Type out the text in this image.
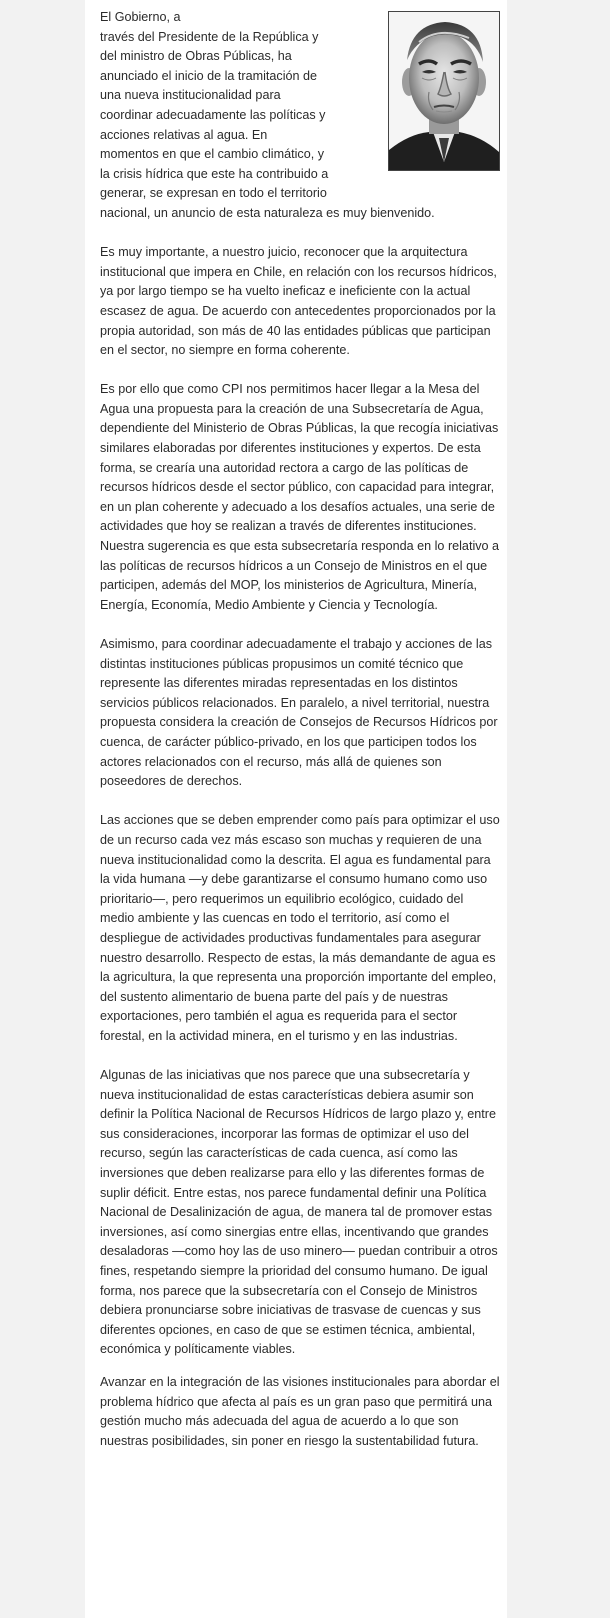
El Gobierno, a
través del Presidente de la República y
del ministro de Obras Públicas, ha
anunciado el inicio de la tramitación de
una nueva institucionalidad para
coordinar adecuadamente las políticas y
acciones relativas al agua. En
momentos en que el cambio climático, y
la crisis hídrica que este ha contribuido a
generar, se expresan en todo el territorio
nacional, un anuncio de esta naturaleza es muy bienvenido.

Es muy importante, a nuestro juicio, reconocer que la arquitectura institucional que impera en Chile, en relación con los recursos hídricos, ya por largo tiempo se ha vuelto ineficaz e ineficiente con la actual escasez de agua. De acuerdo con antecedentes proporcionados por la propia autoridad, son más de 40 las entidades públicas que participan en el sector, no siempre en forma coherente.

Es por ello que como CPI nos permitimos hacer llegar a la Mesa del Agua una propuesta para la creación de una Subsecretaría de Agua, dependiente del Ministerio de Obras Públicas, la que recogía iniciativas similares elaboradas por diferentes instituciones y expertos. De esta forma, se crearía una autoridad rectora a cargo de las políticas de recursos hídricos desde el sector público, con capacidad para integrar, en un plan coherente y adecuado a los desafíos actuales, una serie de actividades que hoy se realizan a través de diferentes instituciones. Nuestra sugerencia es que esta subsecretaría responda en lo relativo a las políticas de recursos hídricos a un Consejo de Ministros en el que participen, además del MOP, los ministerios de Agricultura, Minería, Energía, Economía, Medio Ambiente y Ciencia y Tecnología.

Asimismo, para coordinar adecuadamente el trabajo y acciones de las distintas instituciones públicas propusimos un comité técnico que represente las diferentes miradas representadas en los distintos servicios públicos relacionados. En paralelo, a nivel territorial, nuestra propuesta considera la creación de Consejos de Recursos Hídricos por cuenca, de carácter público-privado, en los que participen todos los actores relacionados con el recurso, más allá de quienes son poseedores de derechos.

Las acciones que se deben emprender como país para optimizar el uso de un recurso cada vez más escaso son muchas y requieren de una nueva institucionalidad como la descrita. El agua es fundamental para la vida humana —y debe garantizarse el consumo humano como uso prioritario—, pero requerimos un equilibrio ecológico, cuidado del medio ambiente y las cuencas en todo el territorio, así como el despliegue de actividades productivas fundamentales para asegurar nuestro desarrollo. Respecto de estas, la más demandante de agua es la agricultura, la que representa una proporción importante del empleo, del sustento alimentario de buena parte del país y de nuestras exportaciones, pero también el agua es requerida para el sector forestal, en la actividad minera, en el turismo y en las industrias.

Algunas de las iniciativas que nos parece que una subsecretaría y nueva institucionalidad de estas características debiera asumir son definir la Política Nacional de Recursos Hídricos de largo plazo y, entre sus consideraciones, incorporar las formas de optimizar el uso del recurso, según las características de cada cuenca, así como las inversiones que deben realizarse para ello y las diferentes formas de suplir déficit. Entre estas, nos parece fundamental definir una Política Nacional de Desalinización de agua, de manera tal de promover estas inversiones, así como sinergias entre ellas, incentivando que grandes desaladoras —como hoy las de uso minero— puedan contribuir a otros fines, respetando siempre la prioridad del consumo humano. De igual forma, nos parece que la subsecretaría con el Consejo de Ministros debiera pronunciarse sobre iniciativas de trasvase de cuencas y sus diferentes opciones, en caso de que se estimen técnica, ambiental, económica y políticamente viables.

Avanzar en la integración de las visiones institucionales para abordar el problema hídrico que afecta al país es un gran paso que permitirá una gestión mucho más adecuada del agua de acuerdo a lo que son nuestras posibilidades, sin poner en riesgo la sustentabilidad futura.
